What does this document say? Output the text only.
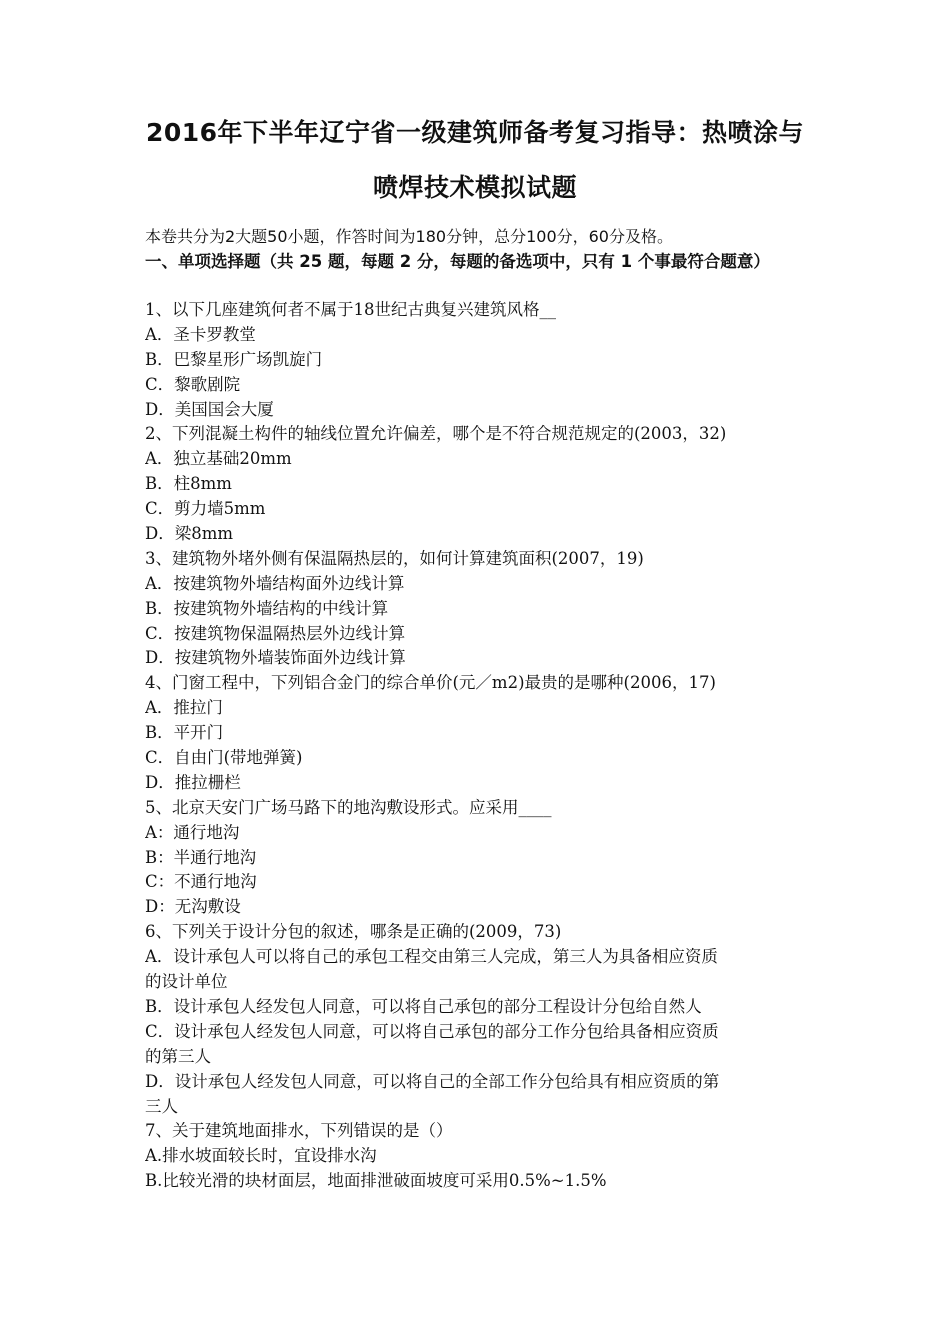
2016年下半年辽宁省一级建筑师备考复习指导：热喷涂与
喷焊技术模拟试题
本卷共分为2大题50小题，作答时间为180分钟，总分100分，60分及格。
一、单项选择题（共 25 题，每题 2 分，每题的备选项中，只有 1 个事最符合题意）
1、以下几座建筑何者不属于18世纪古典复兴建筑风格__
A．圣卡罗教堂
B．巴黎星形广场凯旋门
C．黎歌剧院
D．美国国会大厦
2、下列混凝土构件的轴线位置允许偏差，哪个是不符合规范规定的(2003，32)
A．独立基础20mm
B．柱8mm
C．剪力墙5mm
D．梁8mm
3、建筑物外堵外侧有保温隔热层的，如何计算建筑面积(2007，19)
A．按建筑物外墙结构面外边线计算
B．按建筑物外墙结构的中线计算
C．按建筑物保温隔热层外边线计算
D．按建筑物外墙装饰面外边线计算
4、门窗工程中，下列铝合金门的综合单价(元／m2)最贵的是哪种(2006，17)
A．推拉门
B．平开门
C．自由门(带地弹簧)
D．推拉栅栏
5、北京天安门广场马路下的地沟敷设形式。应采用____
A：通行地沟
B：半通行地沟
C：不通行地沟
D：无沟敷设
6、下列关于设计分包的叙述，哪条是正确的(2009，73)
A．设计承包人可以将自己的承包工程交由第三人完成，第三人为具备相应资质
的设计单位
B．设计承包人经发包人同意，可以将自己承包的部分工程设计分包给自然人
C．设计承包人经发包人同意，可以将自己承包的部分工作分包给具备相应资质
的第三人
D．设计承包人经发包人同意，可以将自己的全部工作分包给具有相应资质的第
三人
7、关于建筑地面排水，下列错误的是（）
A.排水坡面较长时，宜设排水沟
B.比较光滑的块材面层，地面排泄破面坡度可采用0.5%~1.5%
